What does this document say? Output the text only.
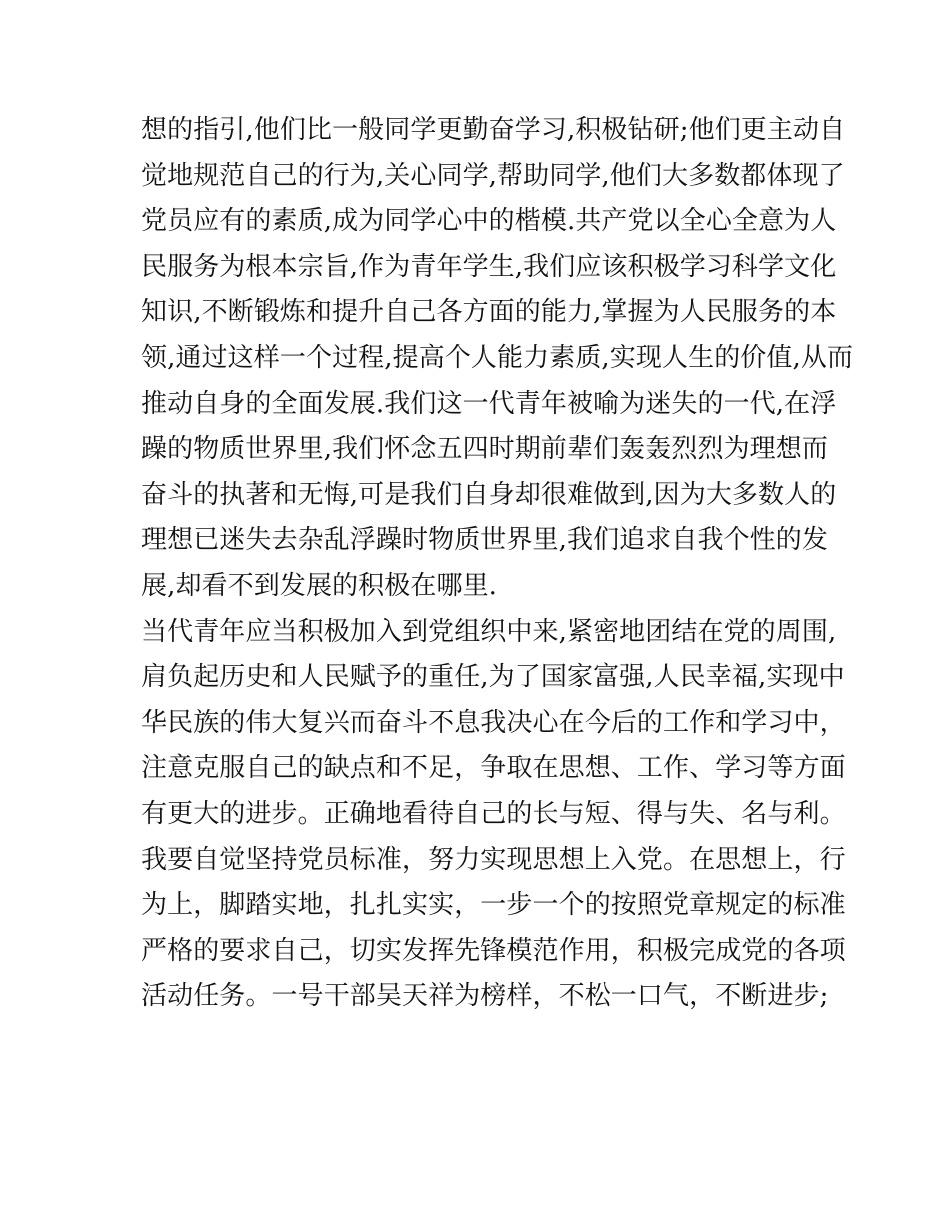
想的指引,他们比一般同学更勤奋学习,积极钻研;他们更主动自
觉地规范自己的行为,关心同学,帮助同学,他们大多数都体现了
党员应有的素质,成为同学心中的楷模.共产党以全心全意为人
民服务为根本宗旨,作为青年学生,我们应该积极学习科学文化
知识,不断锻炼和提升自己各方面的能力,掌握为人民服务的本
领,通过这样一个过程,提高个人能力素质,实现人生的价值,从而
推动自身的全面发展.我们这一代青年被喻为迷失的一代,在浮
躁的物质世界里,我们怀念五四时期前辈们轰轰烈烈为理想而
奋斗的执著和无悔,可是我们自身却很难做到,因为大多数人的
理想已迷失去杂乱浮躁时物质世界里,我们追求自我个性的发
展,却看不到发展的积极在哪里.
当代青年应当积极加入到党组织中来,紧密地团结在党的周围,
肩负起历史和人民赋予的重任,为了国家富强,人民幸福,实现中
华民族的伟大复兴而奋斗不息我决心在今后的工作和学习中，
注意克服自己的缺点和不足，争取在思想、工作、学习等方面
有更大的进步。正确地看待自己的长与短、得与失、名与利。
我要自觉坚持党员标准，努力实现思想上入党。在思想上，行
为上，脚踏实地，扎扎实实，一步一个的按照党章规定的标准
严格的要求自己，切实发挥先锋模范作用，积极完成党的各项
活动任务。一号干部吴天祥为榜样，不松一口气，不断进步;
